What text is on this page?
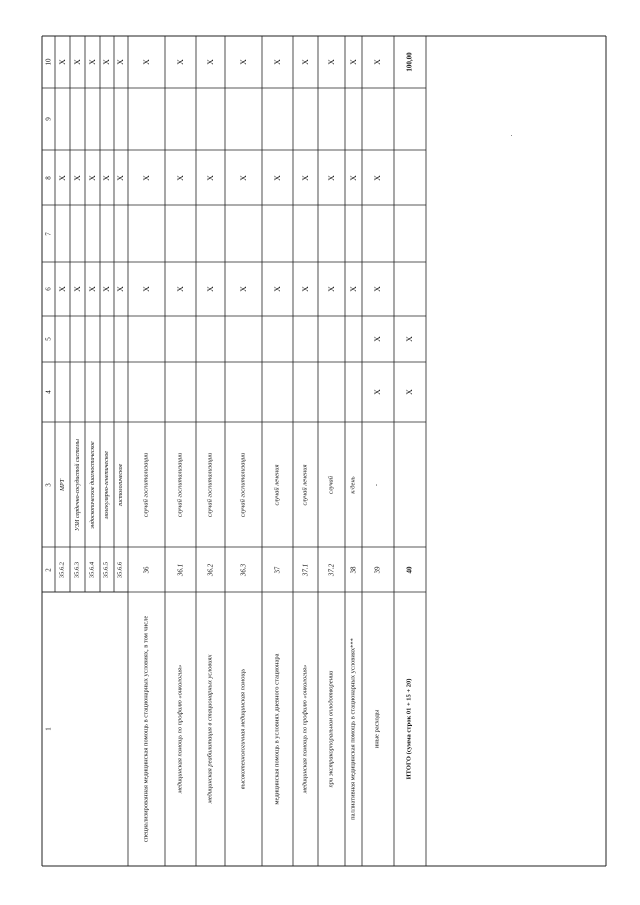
1
2
3
4
5
6
7
8
9
10
35.6.2
МРТ
Х
Х
Х
35.6.3
УЗИ сердечно-сосудистой системы
Х
Х
Х
35.6.4
эндоскопическое диагностическое
Х
Х
Х
35.6.5
молекулярно-генетическое
Х
Х
Х
35.6.6
гистологическое
Х
Х
Х
специализированная медицинская помощь в стационарных условиях, в том числе
36
случай госпитализации
Х
Х
Х
медицинская помощь по профилю «онкология»
36.1
случай госпитализации
Х
Х
Х
медицинская реабилитация в стационарных условиях
36.2
случай госпитализации
Х
Х
Х
высокотехнологичная медицинская помощь
36.3
случай госпитализации
Х
Х
Х
медицинская помощь в условиях дневного стационара
37
случай лечения
Х
Х
Х
медицинская помощь по профилю «онкология»
37.1
случай лечения
Х
Х
Х
при экстракорпоральном оплодотворении
37.2
случай
Х
Х
Х
паллиативная медицинская помощь в стационарных условиях***
38
к/день
Х
Х
Х
иные расходы
39
-
Х
Х
Х
Х
Х
ИТОГО (сумма строк 01 + 15 + 20)
40
Х
Х
100,00
